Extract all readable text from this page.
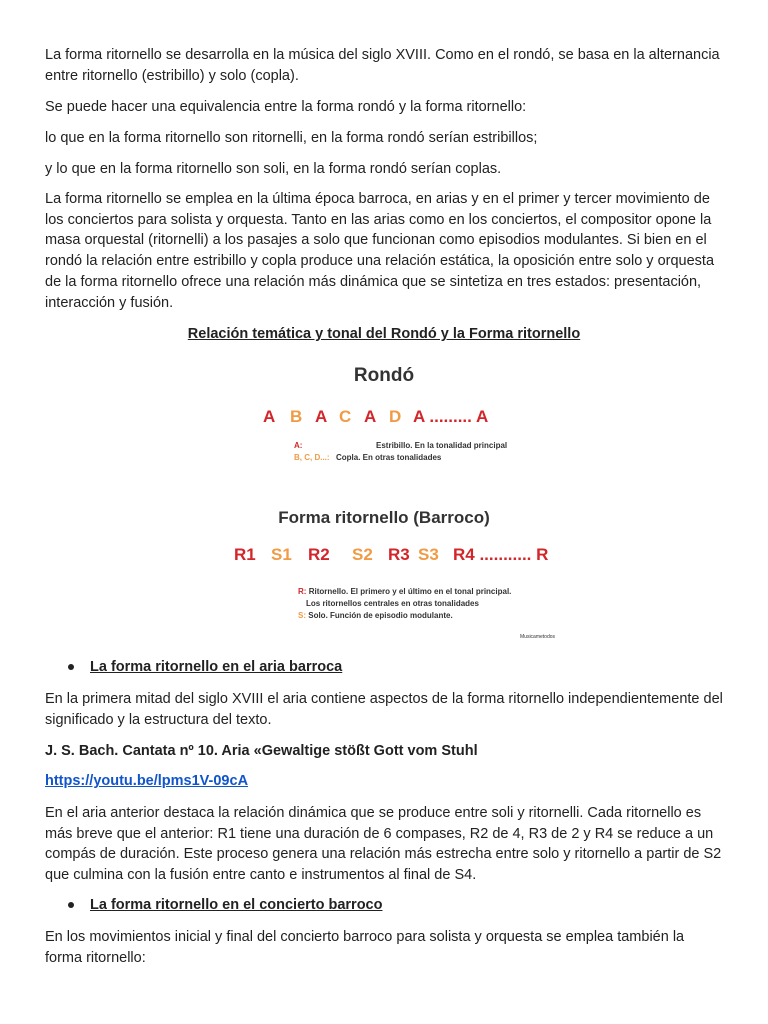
La forma ritornello se desarrolla en la música del siglo XVIII. Como en el rondó, se basa en la alternancia entre ritornello (estribillo) y solo (copla).

Se puede hacer una equivalencia entre la forma rondó y la forma ritornello:

lo que en la forma ritornello son ritornelli, en la forma rondó serían estribillos;

y lo que en la forma ritornello son soli, en la forma rondó serían coplas.

La forma ritornello se emplea en la última época barroca, en arias y en el primer y tercer movimiento de los conciertos para solista y orquesta. Tanto en las arias como en los conciertos, el compositor opone la masa orquestal (ritornelli) a los pasajes a solo que funcionan como episodios modulantes. Si bien en el rondó la relación entre estribillo y copla produce una relación estática, la oposición entre solo y orquesta de la forma ritornello ofrece una relación más dinámica que se sintetiza en tres estados: presentación, interacción y fusión.

Relación temática y tonal del Rondó y la Forma ritornello
Rondó
A B A C A D A ......... A
A:	Estribillo. En la tonalidad principal
B, C, D...: Copla. En otras tonalidades
Forma ritornello (Barroco)
R1 S1 R2 S2 R3 S3 R4 ........... R
R: Ritornello. El primero y el último en el tonal principal.
Los ritornellos centrales en otras tonalidades
S: Solo. Función de episodio modulante.
Musicametodos
La forma ritornello en el aria barroca

En la primera mitad del siglo XVIII el aria contiene aspectos de la forma ritornello independientemente del significado y la estructura del texto.

J. S. Bach. Cantata nº 10. Aria «Gewaltige stößt Gott vom Stuhl

https://youtu.be/lpms1V-09cA

En el aria anterior destaca la relación dinámica que se produce entre soli y ritornelli. Cada ritornello es más breve que el anterior: R1 tiene una duración de 6 compases, R2 de 4, R3 de 2 y R4 se reduce a un compás de duración. Este proceso genera una relación más estrecha entre solo y ritornello a partir de S2 que culmina con la fusión entre canto e instrumentos al final de S4.

La forma ritornello en el concierto barroco

En los movimientos inicial y final del concierto barroco para solista y orquesta se emplea también la forma ritornello:
